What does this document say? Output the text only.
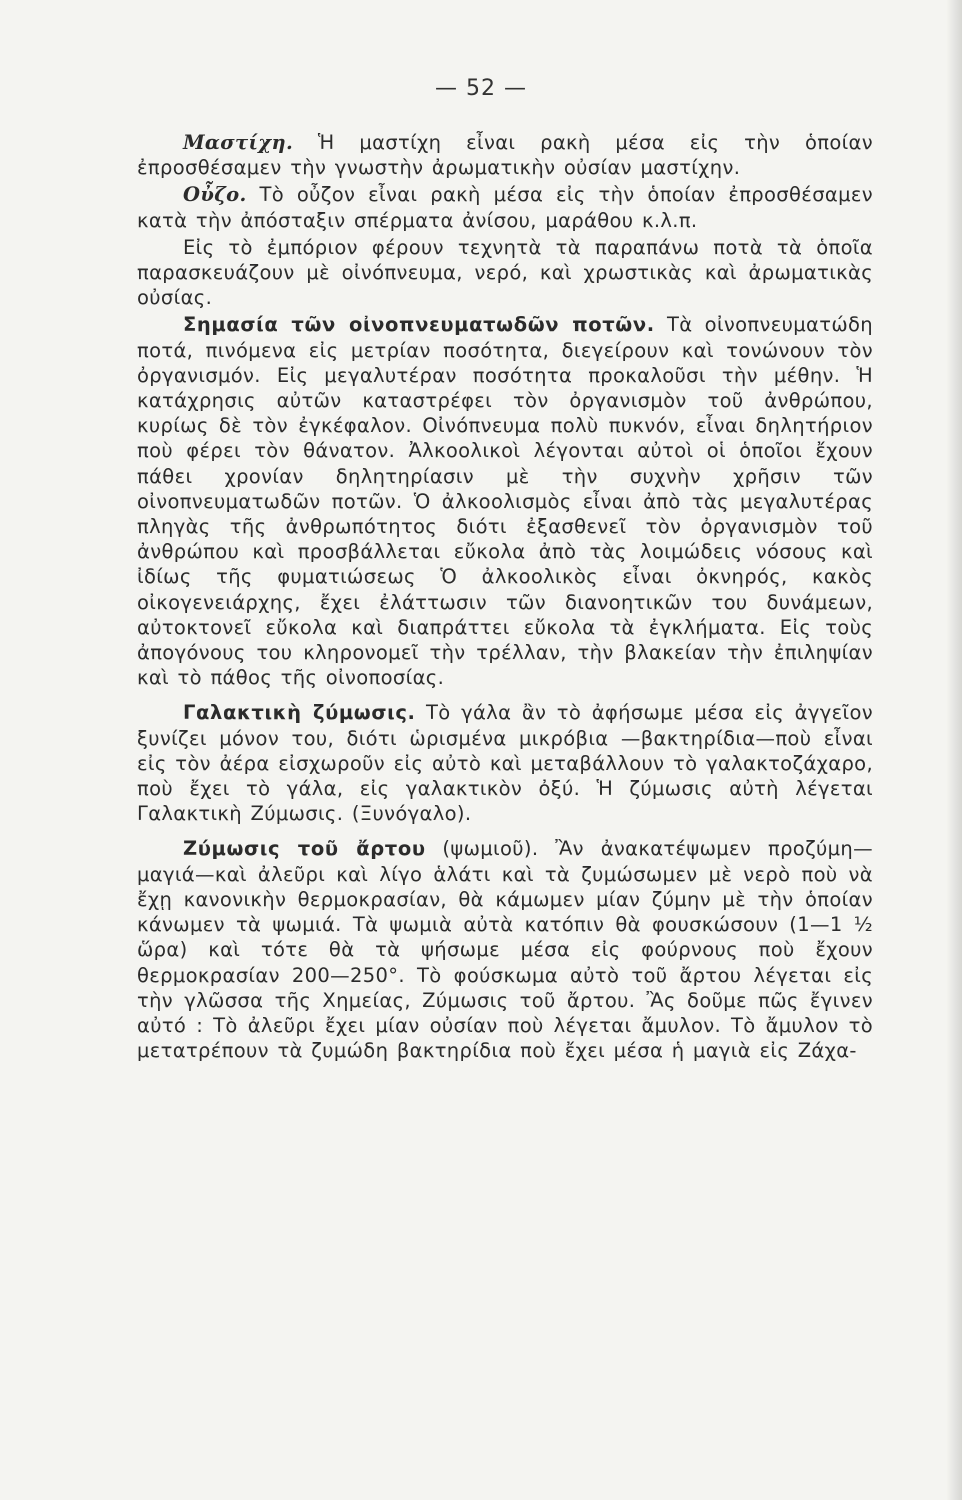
— 52 —

Μαστίχη. Ἡ μαστίχη εἶναι ρακὴ μέσα εἰς τὴν ὁποίαν ἐπροσθέσαμεν τὴν γνωστὴν ἀρωματικὴν οὐσίαν μαστίχην.

Οὖζο. Τὸ οὖζον εἶναι ρακὴ μέσα εἰς τὴν ὁποίαν ἐπροσθέσαμεν κατὰ τὴν ἀπόσταξιν σπέρματα ἀνίσου, μαράθου κ.λ.π.

Εἰς τὸ ἐμπόριον φέρουν τεχνητὰ τὰ παραπάνω ποτὰ τὰ ὁποῖα παρασκευάζουν μὲ οἰνόπνευμα, νερό, καὶ χρωστικὰς καὶ ἀρωματικὰς οὐσίας.

Σημασία τῶν οἰνοπνευματωδῶν ποτῶν. Τὰ οἰνοπνευματώδη ποτά, πινόμενα εἰς μετρίαν ποσότητα, διεγείρουν καὶ τονώνουν τὸν ὀργανισμόν. Εἰς μεγαλυτέραν ποσότητα προκαλοῦσι τὴν μέθην. Ἡ κατάχρησις αὐτῶν καταστρέφει τὸν ὀργανισμὸν τοῦ ἀνθρώπου, κυρίως δὲ τὸν ἐγκέφαλον. Οἰνόπνευμα πολὺ πυκνόν, εἶναι δηλητήριον ποὺ φέρει τὸν θάνατον. Ἀλκοολικοὶ λέγονται αὐτοὶ οἱ ὁποῖοι ἔχουν πάθει χρονίαν δηλητηρίασιν μὲ τὴν συχνὴν χρῆσιν τῶν οἰνοπνευματωδῶν ποτῶν. Ὁ ἀλκοολισμὸς εἶναι ἀπὸ τὰς μεγαλυτέρας πληγὰς τῆς ἀνθρωπότητος διότι ἐξασθενεῖ τὸν ὀργανισμὸν τοῦ ἀνθρώπου καὶ προσβάλλεται εὔκολα ἀπὸ τὰς λοιμώδεις νόσους καὶ ἰδίως τῆς φυματιώσεως Ὁ ἀλκοολικὸς εἶναι ὀκνηρός, κακὸς οἰκογενειάρχης, ἔχει ἐλάττωσιν τῶν διανοητικῶν του δυνάμεων, αὐτοκτονεῖ εὔκολα καὶ διαπράττει εὔκολα τὰ ἐγκλήματα. Εἰς τοὺς ἀπογόνους του κληρονομεῖ τὴν τρέλλαν, τὴν βλακείαν τὴν ἐπιληψίαν καὶ τὸ πάθος τῆς οἰνοποσίας.

Γαλακτικὴ ζύμωσις. Τὸ γάλα ἂν τὸ ἀφήσωμε μέσα εἰς ἀγγεῖον ξυνίζει μόνον του, διότι ὡρισμένα μικρόβια —βακτηρίδια—ποὺ εἶναι εἰς τὸν ἀέρα εἰσχωροῦν εἰς αὐτὸ καὶ μεταβάλλουν τὸ γαλακτοζάχαρο, ποὺ ἔχει τὸ γάλα, εἰς γαλακτικὸν ὀξύ. Ἡ ζύμωσις αὐτὴ λέγεται Γαλακτικὴ Ζύμωσις. (Ξυνόγαλο).

Ζύμωσις τοῦ ἄρτου (ψωμιοῦ). Ἂν ἀνακατέψωμεν προζύμη—μαγιά—καὶ ἀλεῦρι καὶ λίγο ἁλάτι καὶ τὰ ζυμώσωμεν μὲ νερὸ ποὺ νὰ ἔχῃ κανονικὴν θερμοκρασίαν, θὰ κάμωμεν μίαν ζύμην μὲ τὴν ὁποίαν κάνωμεν τὰ ψωμιά. Τὰ ψωμιὰ αὐτὰ κατόπιν θὰ φουσκώσουν (1—1 ½ ὥρα) καὶ τότε θὰ τὰ ψήσωμε μέσα εἰς φούρνους ποὺ ἔχουν θερμοκρασίαν 200—250°. Τὸ φούσκωμα αὐτὸ τοῦ ἄρτου λέγεται εἰς τὴν γλῶσσα τῆς Χημείας, Ζύμωσις τοῦ ἄρτου. Ἂς δοῦμε πῶς ἔγινεν αὐτό : Τὸ ἀλεῦρι ἔχει μίαν οὐσίαν ποὺ λέγεται ἄμυλον. Τὸ ἄμυλον τὸ μετατρέπουν τὰ ζυμώδη βακτηρίδια ποὺ ἔχει μέσα ἡ μαγιὰ εἰς Ζάχα-
